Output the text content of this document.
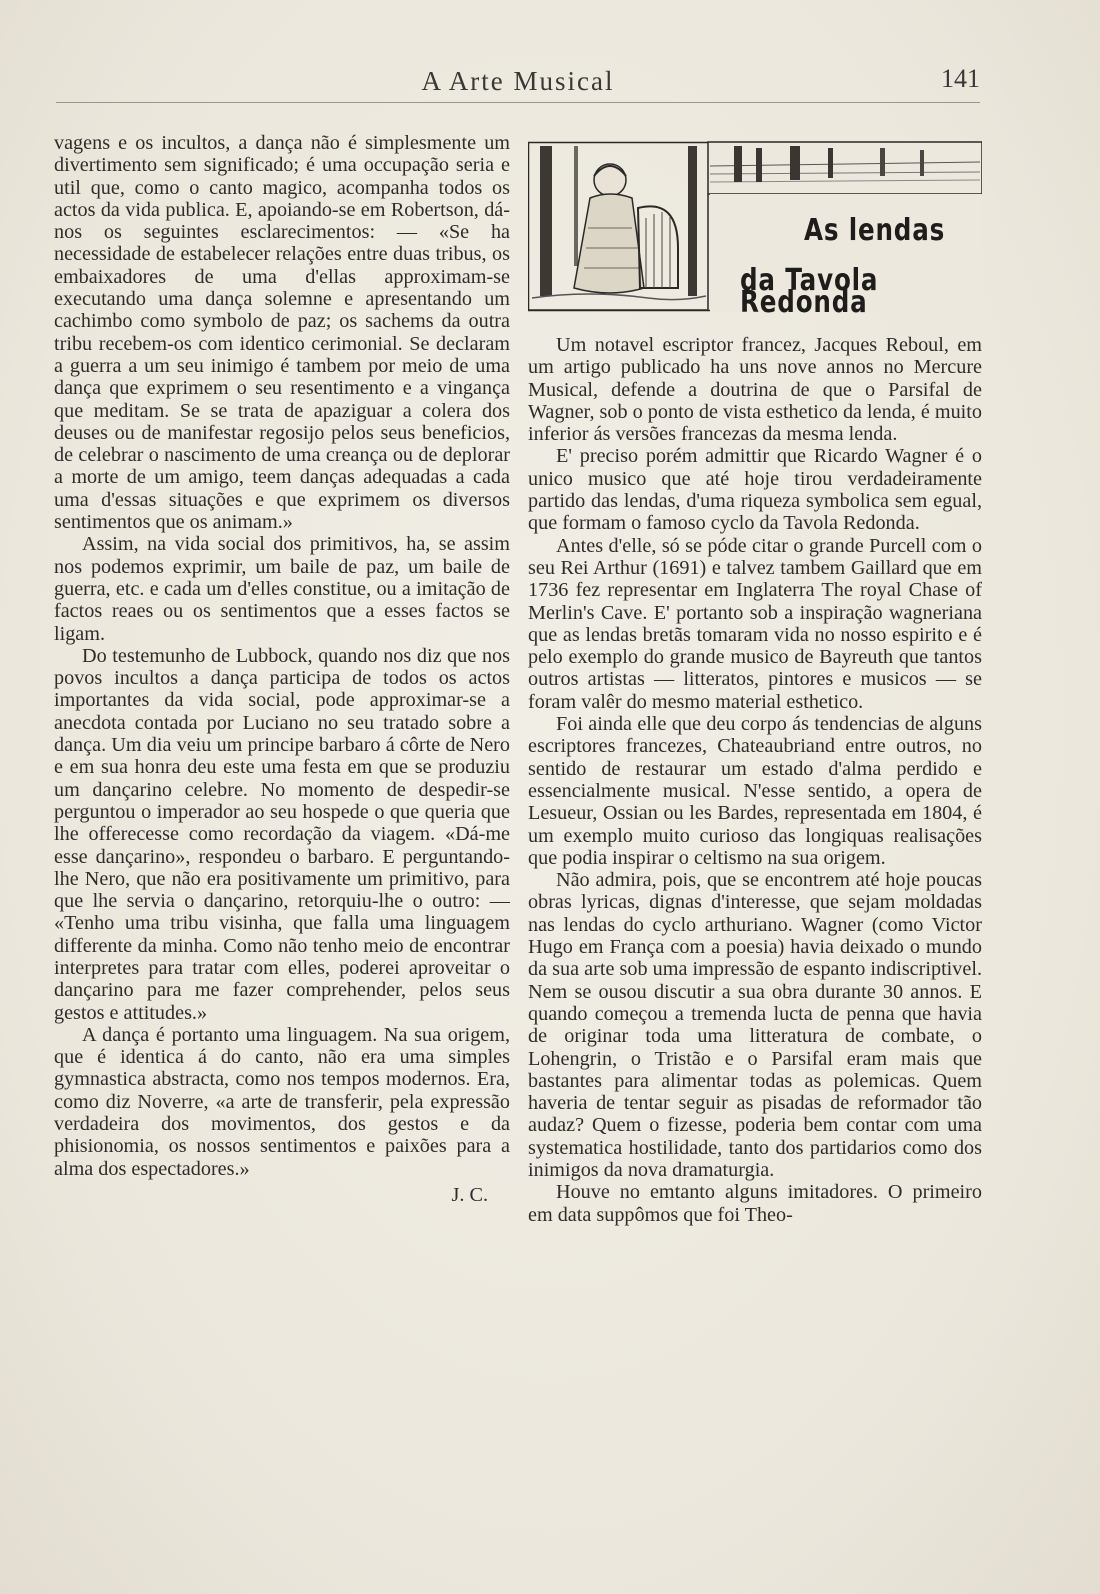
A Arte Musical	141

vagens e os incultos, a dança não é simplesmente um divertimento sem significado; é uma occupação seria e util que, como o canto magico, acompanha todos os actos da vida publica. E, apoiando-se em Robertson, dá-nos os seguintes esclarecimentos: — «Se ha necessidade de estabelecer relações entre duas tribus, os embaixadores de uma d'ellas approximam-se executando uma dança solemne e apresentando um cachimbo como symbolo de paz; os sachems da outra tribu recebem-os com identico cerimonial. Se declaram a guerra a um seu inimigo é tambem por meio de uma dança que exprimem o seu resentimento e a vingança que meditam. Se se trata de apaziguar a colera dos deuses ou de manifestar regosijo pelos seus beneficios, de celebrar o nascimento de uma creança ou de deplorar a morte de um amigo, teem danças adequadas a cada uma d'essas situações e que exprimem os diversos sentimentos que os animam.»

Assim, na vida social dos primitivos, ha, se assim nos podemos exprimir, um baile de paz, um baile de guerra, etc. e cada um d'elles constitue, ou a imitação de factos reaes ou os sentimentos que a esses factos se ligam.

Do testemunho de Lubbock, quando nos diz que nos povos incultos a dança participa de todos os actos importantes da vida social, pode approximar-se a anecdota contada por Luciano no seu tratado sobre a dança. Um dia veiu um principe barbaro á côrte de Nero e em sua honra deu este uma festa em que se produziu um dançarino celebre. No momento de despedir-se perguntou o imperador ao seu hospede o que queria que lhe offerecesse como recordação da viagem. «Dá-me esse dançarino», respondeu o barbaro. E perguntando-lhe Nero, que não era positivamente um primitivo, para que lhe servia o dançarino, retorquiu-lhe o outro: — «Tenho uma tribu visinha, que falla uma linguagem differente da minha. Como não tenho meio de encontrar interpretes para tratar com elles, poderei aproveitar o dançarino para me fazer comprehender, pelos seus gestos e attitudes.»

A dança é portanto uma linguagem. Na sua origem, que é identica á do canto, não era uma simples gymnastica abstracta, como nos tempos modernos. Era, como diz Noverre, «a arte de transferir, pela expressão verdadeira dos movimentos, dos gestos e da phisionomia, os nossos sentimentos e paixões para a alma dos espectadores.»

J. C.

As lendas
da Tavola Redonda

Um notavel escriptor francez, Jacques Reboul, em um artigo publicado ha uns nove annos no Mercure Musical, defende a doutrina de que o Parsifal de Wagner, sob o ponto de vista esthetico da lenda, é muito inferior ás versões francezas da mesma lenda.

E' preciso porém admittir que Ricardo Wagner é o unico musico que até hoje tirou verdadeiramente partido das lendas, d'uma riqueza symbolica sem egual, que formam o famoso cyclo da Tavola Redonda.

Antes d'elle, só se póde citar o grande Purcell com o seu Rei Arthur (1691) e talvez tambem Gaillard que em 1736 fez representar em Inglaterra The royal Chase of Merlin's Cave. E' portanto sob a inspiração wagneriana que as lendas bretãs tomaram vida no nosso espirito e é pelo exemplo do grande musico de Bayreuth que tantos outros artistas — litteratos, pintores e musicos — se foram valêr do mesmo material esthetico.

Foi ainda elle que deu corpo ás tendencias de alguns escriptores francezes, Chateaubriand entre outros, no sentido de restaurar um estado d'alma perdido e essencialmente musical. N'esse sentido, a opera de Lesueur, Ossian ou les Bardes, representada em 1804, é um exemplo muito curioso das longiquas realisações que podia inspirar o celtismo na sua origem.

Não admira, pois, que se encontrem até hoje poucas obras lyricas, dignas d'interesse, que sejam moldadas nas lendas do cyclo arthuriano. Wagner (como Victor Hugo em França com a poesia) havia deixado o mundo da sua arte sob uma impressão de espanto indiscriptivel. Nem se ousou discutir a sua obra durante 30 annos. E quando começou a tremenda lucta de penna que havia de originar toda uma litteratura de combate, o Lohengrin, o Tristão e o Parsifal eram mais que bastantes para alimentar todas as polemicas. Quem haveria de tentar seguir as pisadas de reformador tão audaz? Quem o fizesse, poderia bem contar com uma systematica hostilidade, tanto dos partidarios como dos inimigos da nova dramaturgia.

Houve no emtanto alguns imitadores. O primeiro em data suppômos que foi Theo-
